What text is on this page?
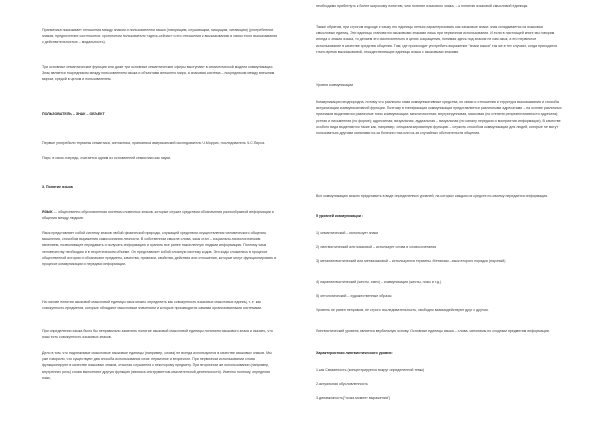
Прагматика показывает отношения между знаком и пользователем языка (говорящим, слушающим, пишущим, читающим) (употребление знаков, предпочтение соотносится: хронотопом пользователя «здесь-сейчас» и его отношения к высказыванию и связи этого высказывания с действительностью – модальность).
Три основные семантические функции или даже три основные семантические сферы выступают в семиотической модели коммуникации. Знак является посредником между пользователем языка и объектами внешнего мира, а знаковая система – посредником между внешним миром, средой в целом и пользователем.
ПОЛЬЗОВАТЕЛЬ – ЗНАК – ОБЪЕКТ
Первые употребили термины семантика, синтактика, прагматика американский исследователь Ч.Моррис, последователь Ч.С.Пирса.
Пирс, в свою очередь, считается одним из основателей семиотики как науки.
3. Понятие языка
ЯЗЫК — общественно обусловленная система словесных знаков, которые служат средством обозначения разнообразной информации и общения между людьми.
Язык представляет собой систему знаков любой физической природы, служащей средством осуществления человеческого общения, мышления, способом выражения самосознания личности. В собственном смысле слова, язык стал – социально-психологическим явлением, позволяющее передавать и получать информацию и хранить все ранее накопленную людьми информацию. Поэтому язык человечеству необходим и в теоретическом объеме. Он представляет собой сложную систему кодов. Эти коды сложились в процессе общественной истории и обозначают предметы, качества, признаки, свойства, действия или отношения, которые могут функционировать в процессе коммуникации и передачи информации.
На основе понятия языковой смысловой единицы язык можно определить как совокупность языковых смысловых единиц, т. е. как совокупность предметов, которые обладают смысловым значением и которые производятся самими организованными системами.
При определении языка было бы неправильно заменить понятие языковой смысловой единицы понятием языкового знака и сказать, что язык есть совокупность языковых знаков.
Дело в том, что надлежимые смысловые языковые единицы (например, слова) не всегда используются в качестве языковых знаков. Мы уже говорили, что существуют два способа использования слов: первичное и вторичное. При первичном использовании слова функционируют в качестве языковых знаков, отсылая слушателя к некоторому предмету. При вторичном же использовании (например, внутренних речь) слова выполняют другую функцию (являясь инструментом мыслительной деятельности). Именно поэтому, определяя язык,
необходимо прибегнуть к более широкому понятию, чем понятие языкового знака, – к понятию языковой смысловой единицы.
Также обратим, при строгом подходе к языку его единицы нельзя характеризовать как языковые знаки: знак складывается из языковых смысловых единиц. Эти единицы становятся языковыми знаками лишь при первичном использовании. И если в настоящей книге мы говорим иногда о знаках языка, то делаем это исключительно в целях сокращения, понимая здесь под знаком не сам язык, а его первичное использование в качестве средства общения. Там, где происходит употребить выражение "знаки языка" так же в тех случаях, когда приходится точно время высказываний, отождествляющих единицы языка с языковыми знаками.
Уровни коммуникации
Коммуникация неоднородна, потому что различны сами коммуникативные средства, их связи и отношения и структура высказывания и способы актуализации коммуникативной функции. Поэтому в типификации коммуникации представляется различными адресатами – на основе различных признаков выделяются различные типы коммуникации: межличностная, внутригрупповая, массовая (по степени репрезентативности адресата); устная и письменная (по форме); адресатная, визуальная, аудиальная – визуальная (по каналу передачи и восприятия информации). В качестве особого вида выделяются такие как, например, специализированную функцию – служить способом коммуникации для людей, которые не могут пользоваться другими каналами из-за болезни глаз или из-за случайных обстоятельств общения.
Все коммуникацию можно представить в виде определенных уровней, на которых каждом из средств по-своему передается информация.
5 уровней коммуникации :
1) семантический – использует знаки
2) лингвистический или языковой – использует слова и словосочетания
3) металингвистический или метаязыковой – используются термины. Метаязык –язык второго порядка (научный)
4) паралингвистический (жесты, смех) – коммуникация (жесты, позы и т.д.)
5) онтологический – художественные образы
Уровень не ранен неправом, не строго последовательность, свободно взаимодействуют друг с другом.
Лингвистический уровень является вербальную основу. Основные единицы языка – слова, синонимы по сходным предметам информации.
Характеристики лингвистического уровня:
1.как Связанность (концентрируется вокруг определенной темы)
2.актуальная обусловленность
3.динамичность("точка момент выражения")
